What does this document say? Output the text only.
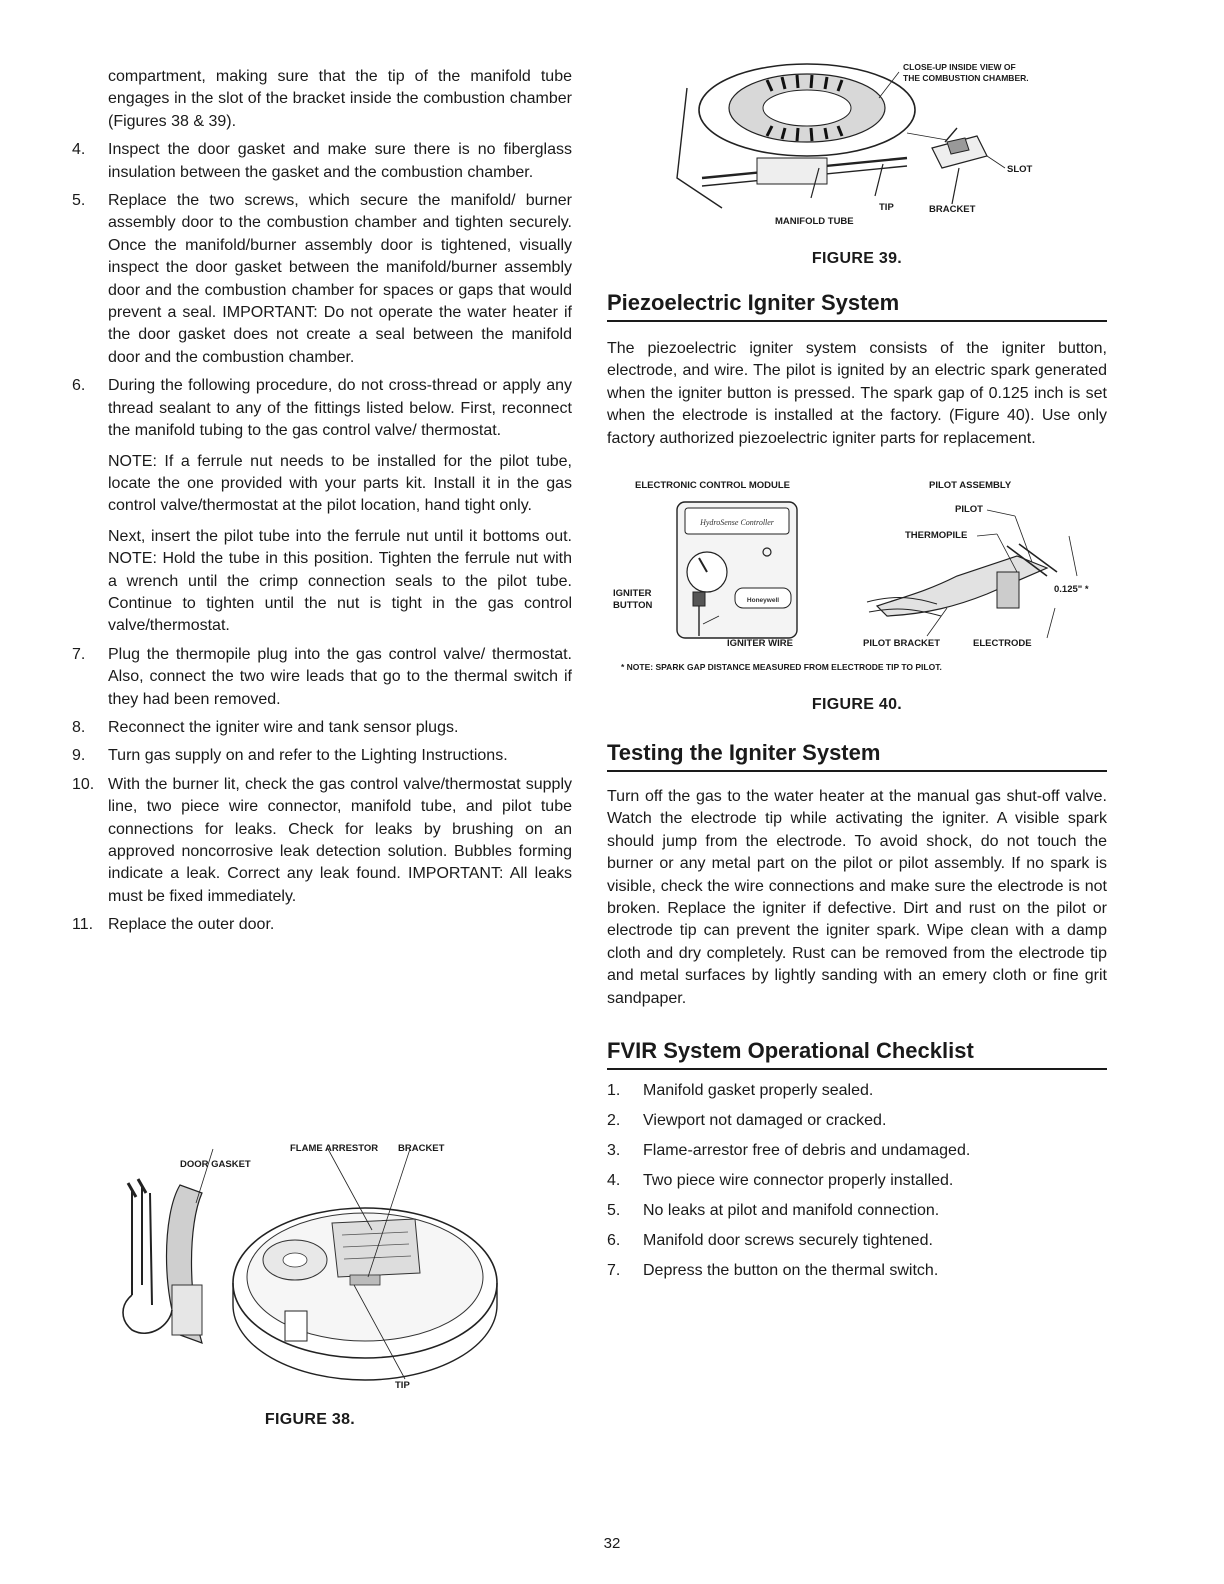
compartment, making sure that the tip of the manifold tube engages in the slot of the bracket inside the combustion chamber (Figures 38 & 39).
4.	Inspect the door gasket and make sure there is no fiberglass insulation between the gasket and the combustion chamber.
5.	Replace the two screws, which secure the manifold/ burner assembly door to the combustion chamber and tighten securely. Once the manifold/burner assembly door is tightened, visually inspect the door gasket between the manifold/burner assembly door and the combustion chamber for spaces or gaps that would prevent a seal. IMPORTANT: Do not operate the water heater if the door gasket does not create a seal between the manifold door and the combustion chamber.
6.	During the following procedure, do not cross-thread or apply any thread sealant to any of the fittings listed below. First, reconnect the manifold tubing to the gas control valve/ thermostat.

NOTE: If a ferrule nut needs to be installed for the pilot tube, locate the one provided with your parts kit. Install it in the gas control valve/thermostat at the pilot location, hand tight only.

Next, insert the pilot tube into the ferrule nut until it bottoms out. NOTE: Hold the tube in this position. Tighten the ferrule nut with a wrench until the crimp connection seals to the pilot tube. Continue to tighten until the nut is tight in the gas control valve/thermostat.

7.	Plug the thermopile plug into the gas control valve/ thermostat. Also, connect the two wire leads that go to the thermal switch if they had been removed.
8.	Reconnect the igniter wire and tank sensor plugs.
9.	Turn gas supply on and refer to the Lighting Instructions.
10. With the burner lit, check the gas control valve/thermostat supply line, two piece wire connector, manifold tube, and pilot tube connections for leaks. Check for leaks by brushing on an approved noncorrosive leak detection solution. Bubbles forming indicate a leak. Correct any leak found. IMPORTANT: All leaks must be fixed immediately.
11. Replace the outer door.
DOOR GASKET
FLAME ARRESTOR BRACKET
TIP
FIGURE 38.
CLOSE-UP INSIDE VIEW OF
THE COMBUSTION CHAMBER.
SLOT
TIP	BRACKET
MANIFOLD TUBE
FIGURE 39.
Piezoelectric Igniter System

The piezoelectric igniter system consists of the igniter button, electrode, and wire. The pilot is ignited by an electric spark generated when the igniter button is pressed. The spark gap of 0.125 inch is set when the electrode is installed at the factory. (Figure 40). Use only factory authorized piezoelectric igniter parts for replacement.

HydroSense Controller
Honeywell
ELECTRONIC CONTROL MODULE	PILOT ASSEMBLY
PILOT
THERMOPILE
0.125" *
IGNITER
BUTTON
IGNITER WIRE	PILOT BRACKET	ELECTRODE
* NOTE: SPARK GAP DISTANCE MEASURED FROM ELECTRODE TIP TO PILOT.
FIGURE 40.
Testing the Igniter System

Turn off the gas to the water heater at the manual gas shut-off valve. Watch the electrode tip while activating the igniter. A visible spark should jump from the electrode. To avoid shock, do not touch the burner or any metal part on the pilot or pilot assembly. If no spark is visible, check the wire connections and make sure the electrode is not broken. Replace the igniter if defective. Dirt and rust on the pilot or electrode tip can prevent the igniter spark. Wipe clean with a damp cloth and dry completely. Rust can be removed from the electrode tip and metal surfaces by lightly sanding with an emery cloth or fine grit sandpaper.

FVIR System Operational Checklist
1.	Manifold gasket properly sealed.
2.	Viewport not damaged or cracked.
3.	Flame-arrestor free of debris and undamaged.
4.	Two piece wire connector properly installed.
5.	No leaks at pilot and manifold connection.
6.	Manifold door screws securely tightened.
7.	Depress the button on the thermal switch.
32
